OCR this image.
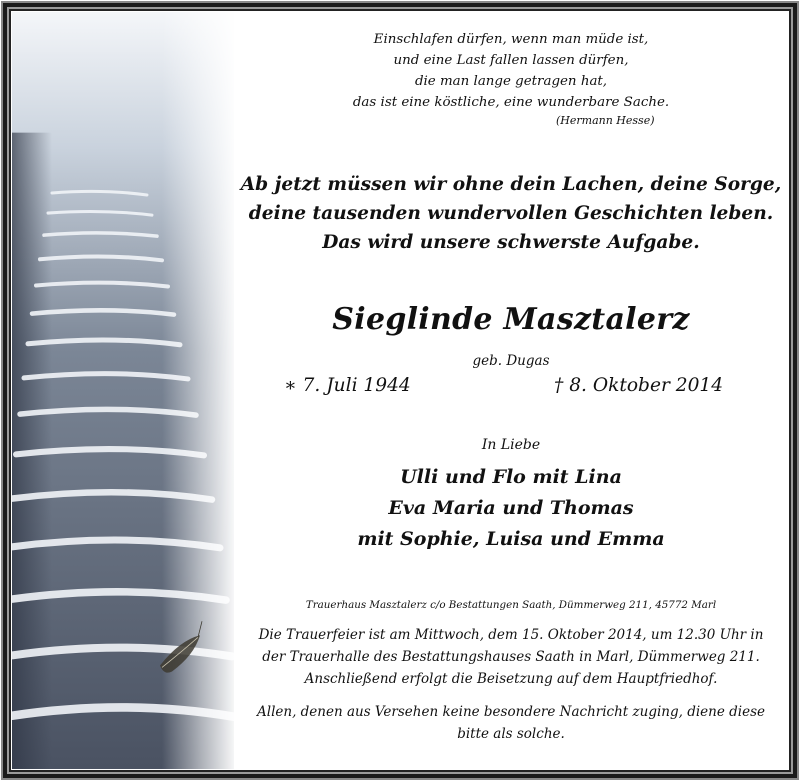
Einschlafen dürfen, wenn man müde ist,
und eine Last fallen lassen dürfen,
die man lange getragen hat,
das ist eine köstliche, eine wunderbare Sache.
(Hermann Hesse)
Ab jetzt müssen wir ohne dein Lachen, deine Sorge,
deine tausenden wundervollen Geschichten leben.
Das wird unsere schwerste Aufgabe.
Sieglinde Masztalerz
geb. Dugas
∗ 7. Juli 1944	† 8. Oktober 2014
In Liebe
Ulli und Flo mit Lina
Eva Maria und Thomas
mit Sophie, Luisa und Emma
Trauerhaus Masztalerz c/o Bestattungen Saath, Dümmerweg 211, 45772 Marl
Die Trauerfeier ist am Mittwoch, dem 15. Oktober 2014, um 12.30 Uhr in
der Trauerhalle des Bestattungshauses Saath in Marl, Dümmerweg 211.
Anschließend erfolgt die Beisetzung auf dem Hauptfriedhof.
Allen, denen aus Versehen keine besondere Nachricht zuging, diene diese
bitte als solche.
